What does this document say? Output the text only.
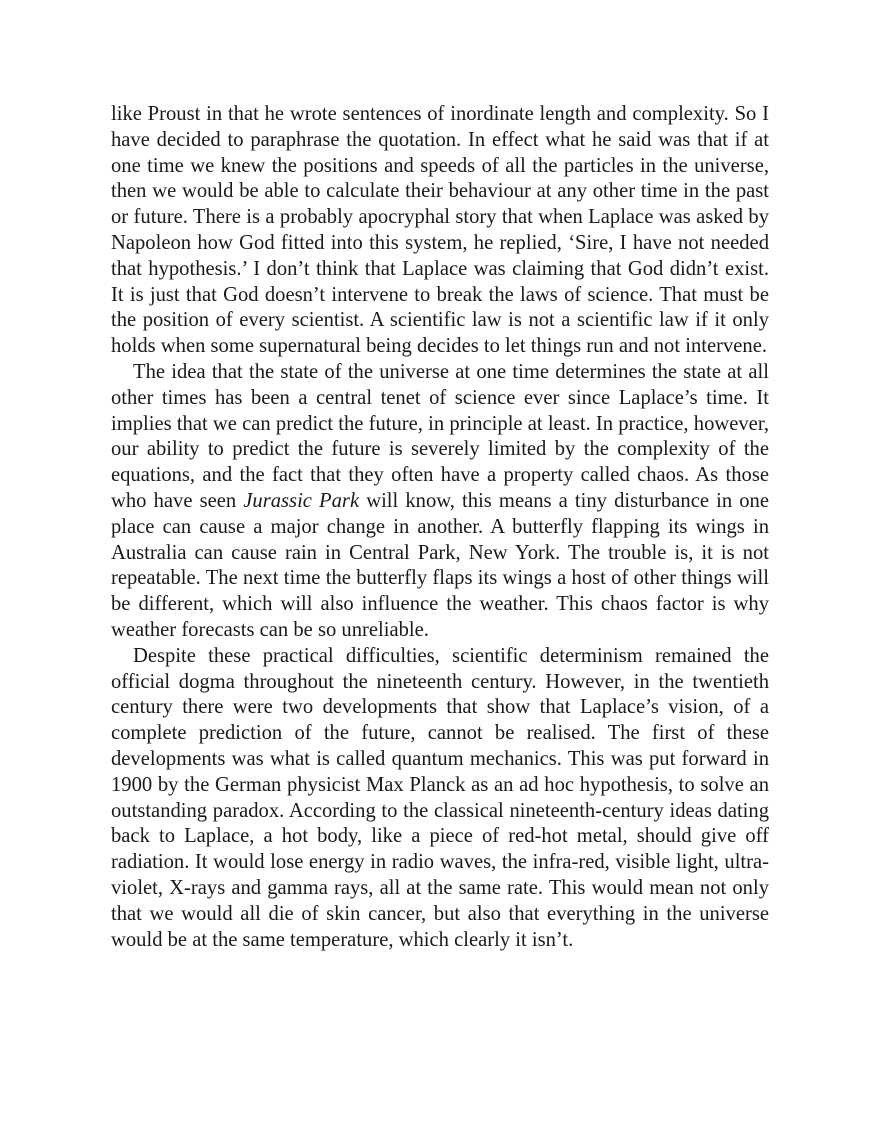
like Proust in that he wrote sentences of inordinate length and complexity. So I have decided to paraphrase the quotation. In effect what he said was that if at one time we knew the positions and speeds of all the particles in the universe, then we would be able to calculate their behaviour at any other time in the past or future. There is a probably apocryphal story that when Laplace was asked by Napoleon how God fitted into this system, he replied, ‘Sire, I have not needed that hypothesis.’ I don’t think that Laplace was claiming that God didn’t exist. It is just that God doesn’t intervene to break the laws of science. That must be the position of every scientist. A scientific law is not a scientific law if it only holds when some supernatural being decides to let things run and not intervene.

The idea that the state of the universe at one time determines the state at all other times has been a central tenet of science ever since Laplace’s time. It implies that we can predict the future, in principle at least. In practice, however, our ability to predict the future is severely limited by the complexity of the equations, and the fact that they often have a property called chaos. As those who have seen Jurassic Park will know, this means a tiny disturbance in one place can cause a major change in another. A butterfly flapping its wings in Australia can cause rain in Central Park, New York. The trouble is, it is not repeatable. The next time the butterfly flaps its wings a host of other things will be different, which will also influence the weather. This chaos factor is why weather forecasts can be so unreliable.

Despite these practical difficulties, scientific determinism remained the official dogma throughout the nineteenth century. However, in the twentieth century there were two developments that show that Laplace’s vision, of a complete prediction of the future, cannot be realised. The first of these developments was what is called quantum mechanics. This was put forward in 1900 by the German physicist Max Planck as an ad hoc hypothesis, to solve an outstanding paradox. According to the classical nineteenth-century ideas dating back to Laplace, a hot body, like a piece of red-hot metal, should give off radiation. It would lose energy in radio waves, the infra-red, visible light, ultra-violet, X-rays and gamma rays, all at the same rate. This would mean not only that we would all die of skin cancer, but also that everything in the universe would be at the same temperature, which clearly it isn’t.
